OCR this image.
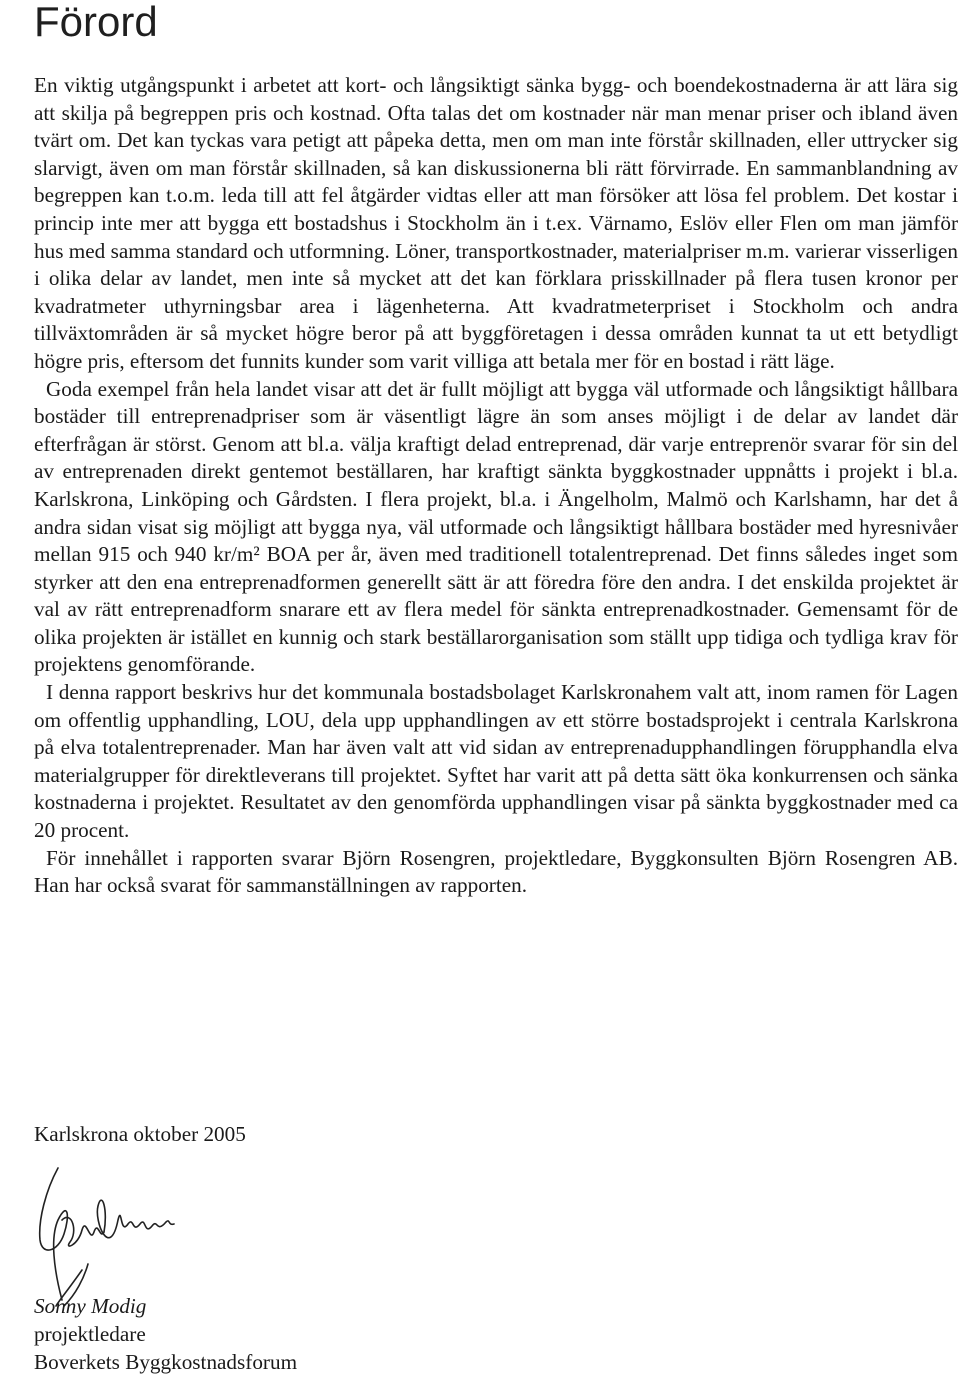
Förord

En viktig utgångspunkt i arbetet att kort- och långsiktigt sänka bygg- och boendekostnaderna är att lära sig att skilja på begreppen pris och kostnad. Ofta talas det om kostnader när man menar priser och ibland även tvärt om. Det kan tyckas vara petigt att påpeka detta, men om man inte förstår skillnaden, eller uttrycker sig slarvigt, även om man förstår skillnaden, så kan diskussionerna bli rätt förvirrade. En sammanblandning av begreppen kan t.o.m. leda till att fel åtgärder vidtas eller att man försöker att lösa fel problem. Det kostar i princip inte mer att bygga ett bostadshus i Stockholm än i t.ex. Värnamo, Eslöv eller Flen om man jämför hus med samma standard och utformning. Löner, transportkostnader, materialpriser m.m. varierar visserligen i olika delar av landet, men inte så mycket att det kan förklara prisskillnader på flera tusen kronor per kvadratmeter uthyrningsbar area i lägenheterna. Att kvadratmeterpriset i Stockholm och andra tillväxtområden är så mycket högre beror på att byggföretagen i dessa områden kunnat ta ut ett betydligt högre pris, eftersom det funnits kunder som varit villiga att betala mer för en bostad i rätt läge.

Goda exempel från hela landet visar att det är fullt möjligt att bygga väl utformade och långsiktigt hållbara bostäder till entreprenadpriser som är väsentligt lägre än som anses möjligt i de delar av landet där efterfrågan är störst. Genom att bl.a. välja kraftigt delad entreprenad, där varje entreprenör svarar för sin del av entreprenaden direkt gentemot beställaren, har kraftigt sänkta byggkostnader uppnåtts i projekt i bl.a. Karlskrona, Linköping och Gårdsten. I flera projekt, bl.a. i Ängelholm, Malmö och Karlshamn, har det å andra sidan visat sig möjligt att bygga nya, väl utformade och långsiktigt hållbara bostäder med hyresnivåer mellan 915 och 940 kr/m² BOA per år, även med traditionell totalentreprenad. Det finns således inget som styrker att den ena entreprenadformen generellt sätt är att föredra före den andra. I det enskilda projektet är val av rätt entreprenadform snarare ett av flera medel för sänkta entreprenadkostnader. Gemensamt för de olika projekten är istället en kunnig och stark beställarorganisation som ställt upp tidiga och tydliga krav för projektens genomförande.

I denna rapport beskrivs hur det kommunala bostadsbolaget Karlskronahem valt att, inom ramen för Lagen om offentlig upphandling, LOU, dela upp upphandlingen av ett större bostadsprojekt i centrala Karlskrona på elva totalentreprenader. Man har även valt att vid sidan av entreprenadupphandlingen förupphandla elva materialgrupper för direktleverans till projektet. Syftet har varit att på detta sätt öka konkurrensen och sänka kostnaderna i projektet. Resultatet av den genomförda upphandlingen visar på sänkta byggkostnader med ca 20 procent.

För innehållet i rapporten svarar Björn Rosengren, projektledare, Byggkonsulten Björn Rosengren AB. Han har också svarat för sammanställningen av rapporten.

Karlskrona oktober 2005
Sonny Modig
projektledare
Boverkets Byggkostnadsforum
